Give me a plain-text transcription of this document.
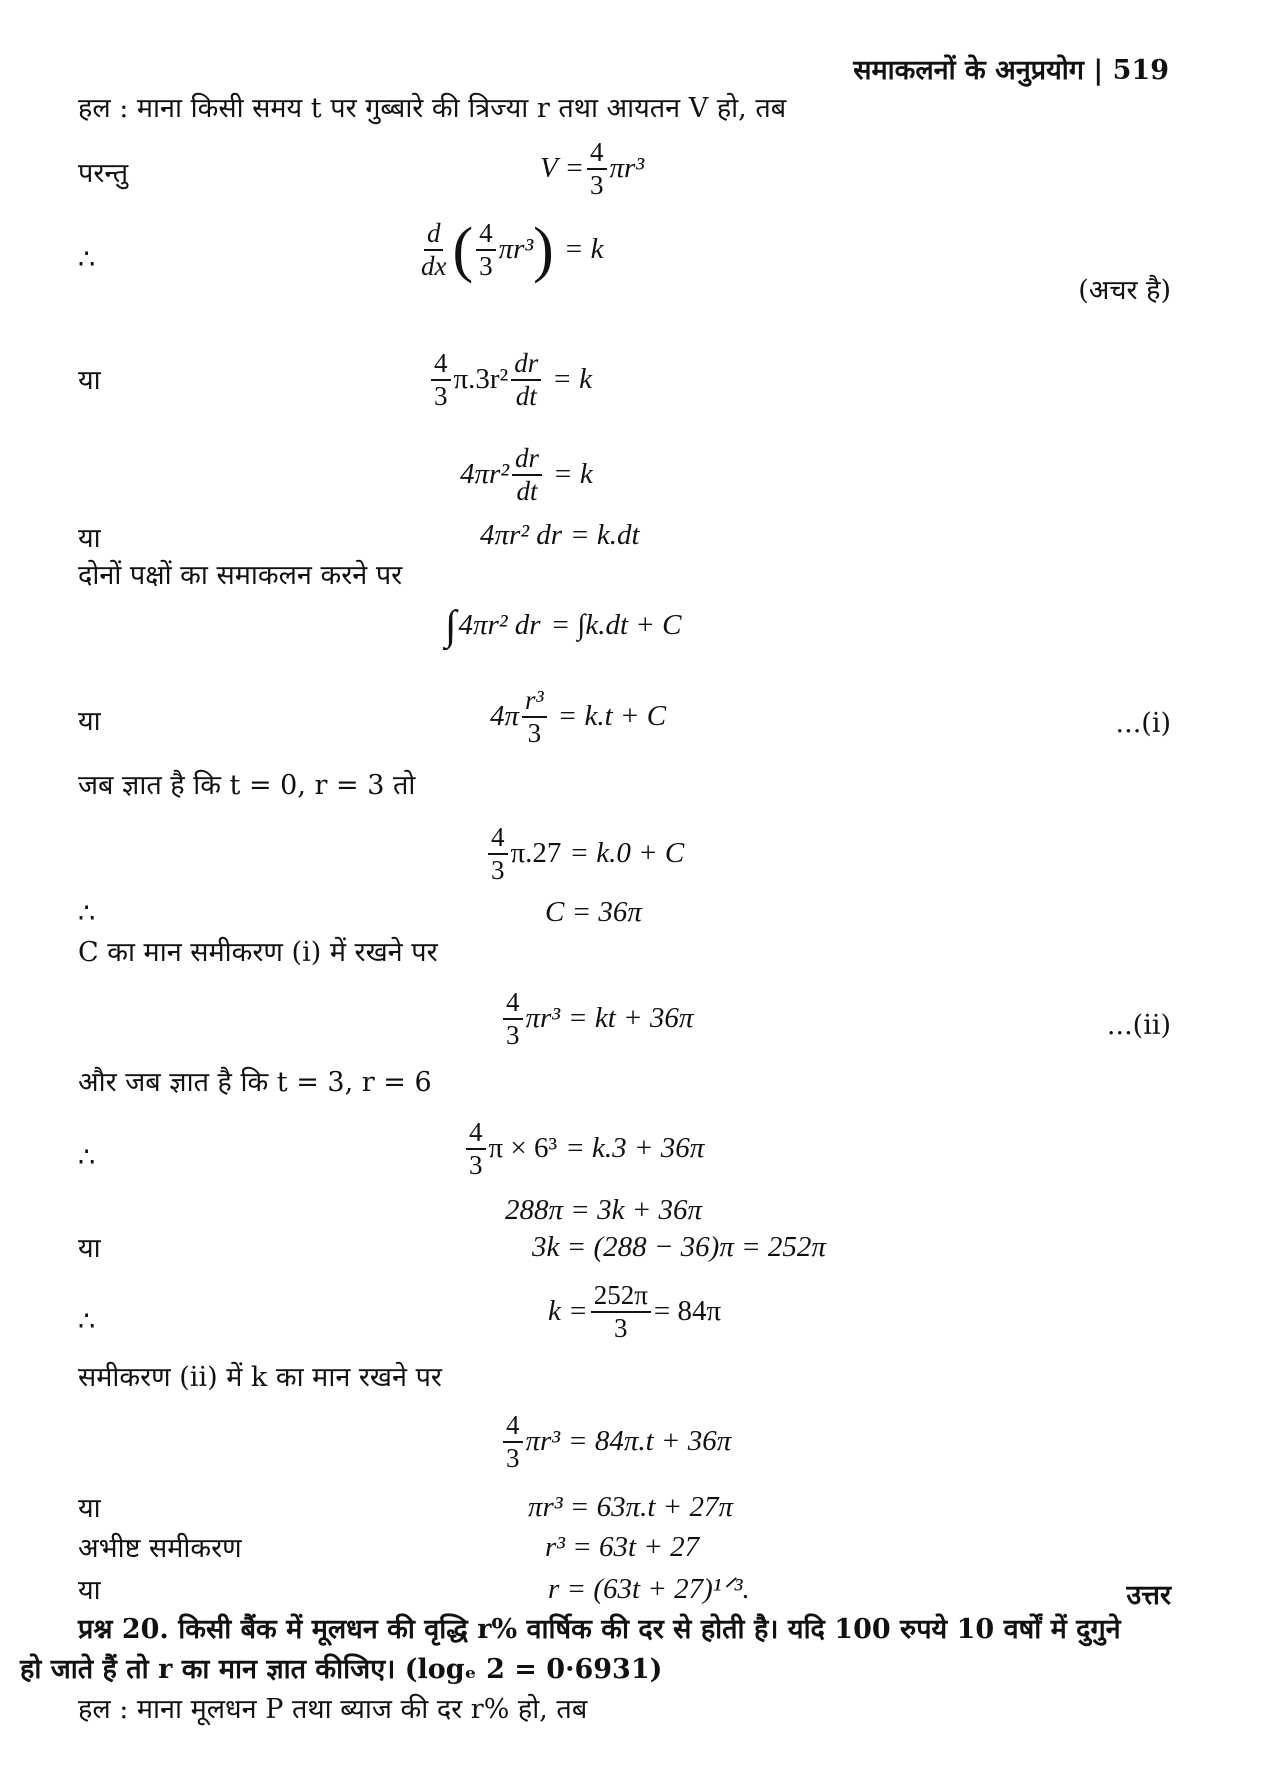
समाकलनों के अनुप्रयोग | 519
हल : माना किसी समय t पर गुब्बारे की त्रिज्या r तथा आयतन V हो, तब
परन्तु	$V = \frac{4}{3} \pi r^3$
∴	$\frac{d}{dx}$ ( $\frac{4}{3} \pi r^3$ ) = k
(अचर है)
या	$\frac{4}{3} \pi.3r^2 \frac{dr}{dt} = k$
$4\pi r^2 \frac{dr}{dt} = k$
या	4πr² dr = k.dt
दोनों पक्षों का समाकलन करने पर
∫ 4πr² dr = ∫k.dt + C
या	$4\pi \frac{\text{r³}}{3} = k.t + C$	...(i)
जब ज्ञात है कि t = 0, r = 3 तो
$\frac{4}{3} \pi.27 = k.0 + C$
∴	C = 36π
C का मान समीकरण (i) में रखने पर
$\frac{4}{3} \pi r^3$ = kt + 36π	...(ii)
और जब ज्ञात है कि t = 3, r = 6
∴	$\frac{4}{3}$ π × 6³ = k.3 + 36π
288π = 3k + 36π
या	3k = (288 − 36)π = 252π
∴	$k = \frac{252\pi}{3} = 84\pi$
समीकरण (ii) में k का मान रखने पर
$\frac{4}{3} \pi r^3 = 84\pi.t + 36\pi$
या	πr³ = 63π.t + 27π
अभीष्ट समीकरण	r³ = 63t + 27
या	r = (63t + 27)¹ᐟ³.	उत्तर
प्रश्न 20. किसी बैंक में मूलधन की वृद्धि r% वार्षिक की दर से होती है। यदि 100 रुपये 10 वर्षों में दुगुने
हो जाते हैं तो r का मान ज्ञात कीजिए। (logₑ 2 = 0·6931)
हल : माना मूलधन P तथा ब्याज की दर r% हो, तब
